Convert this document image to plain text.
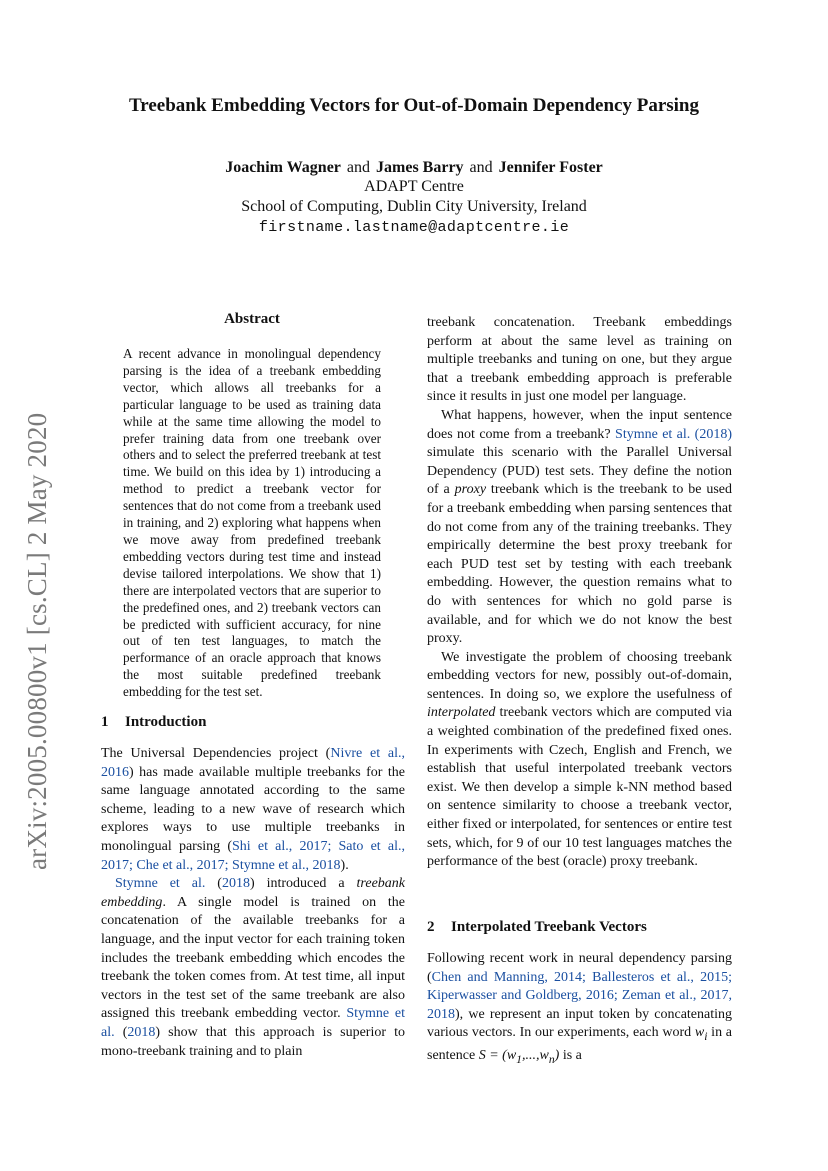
arXiv:2005.00800v1 [cs.CL] 2 May 2020
Treebank Embedding Vectors for Out-of-Domain Dependency Parsing
Joachim Wagner and James Barry and Jennifer Foster
ADAPT Centre
School of Computing, Dublin City University, Ireland
firstname.lastname@adaptcentre.ie
Abstract
A recent advance in monolingual dependency parsing is the idea of a treebank embedding vector, which allows all treebanks for a particular language to be used as training data while at the same time allowing the model to prefer training data from one treebank over others and to select the preferred treebank at test time. We build on this idea by 1) introducing a method to predict a treebank vector for sentences that do not come from a treebank used in training, and 2) exploring what happens when we move away from predefined treebank embedding vectors during test time and instead devise tailored interpolations. We show that 1) there are interpolated vectors that are superior to the predefined ones, and 2) treebank vectors can be predicted with sufficient accuracy, for nine out of ten test languages, to match the performance of an oracle approach that knows the most suitable predefined treebank embedding for the test set.
1 Introduction

The Universal Dependencies project (Nivre et al., 2016) has made available multiple treebanks for the same language annotated according to the same scheme, leading to a new wave of research which explores ways to use multiple treebanks in monolingual parsing (Shi et al., 2017; Sato et al., 2017; Che et al., 2017; Stymne et al., 2018).

Stymne et al. (2018) introduced a treebank embedding. A single model is trained on the concatenation of the available treebanks for a language, and the input vector for each training token includes the treebank embedding which encodes the treebank the token comes from. At test time, all input vectors in the test set of the same treebank are also assigned this treebank embedding vector. Stymne et al. (2018) show that this approach is superior to mono-treebank training and to plain

treebank concatenation. Treebank embeddings perform at about the same level as training on multiple treebanks and tuning on one, but they argue that a treebank embedding approach is preferable since it results in just one model per language.

What happens, however, when the input sentence does not come from a treebank? Stymne et al. (2018) simulate this scenario with the Parallel Universal Dependency (PUD) test sets. They define the notion of a proxy treebank which is the treebank to be used for a treebank embedding when parsing sentences that do not come from any of the training treebanks. They empirically determine the best proxy treebank for each PUD test set by testing with each treebank embedding. However, the question remains what to do with sentences for which no gold parse is available, and for which we do not know the best proxy.

We investigate the problem of choosing treebank embedding vectors for new, possibly out-of-domain, sentences. In doing so, we explore the usefulness of interpolated treebank vectors which are computed via a weighted combination of the predefined fixed ones. In experiments with Czech, English and French, we establish that useful interpolated treebank vectors exist. We then develop a simple k-NN method based on sentence similarity to choose a treebank vector, either fixed or interpolated, for sentences or entire test sets, which, for 9 of our 10 test languages matches the performance of the best (oracle) proxy treebank.

2 Interpolated Treebank Vectors

Following recent work in neural dependency parsing (Chen and Manning, 2014; Ballesteros et al., 2015; Kiperwasser and Goldberg, 2016; Zeman et al., 2017, 2018), we represent an input token by concatenating various vectors. In our experiments, each word $w_i$ in a sentence $S = (w_1,...,w_n)$ is a
